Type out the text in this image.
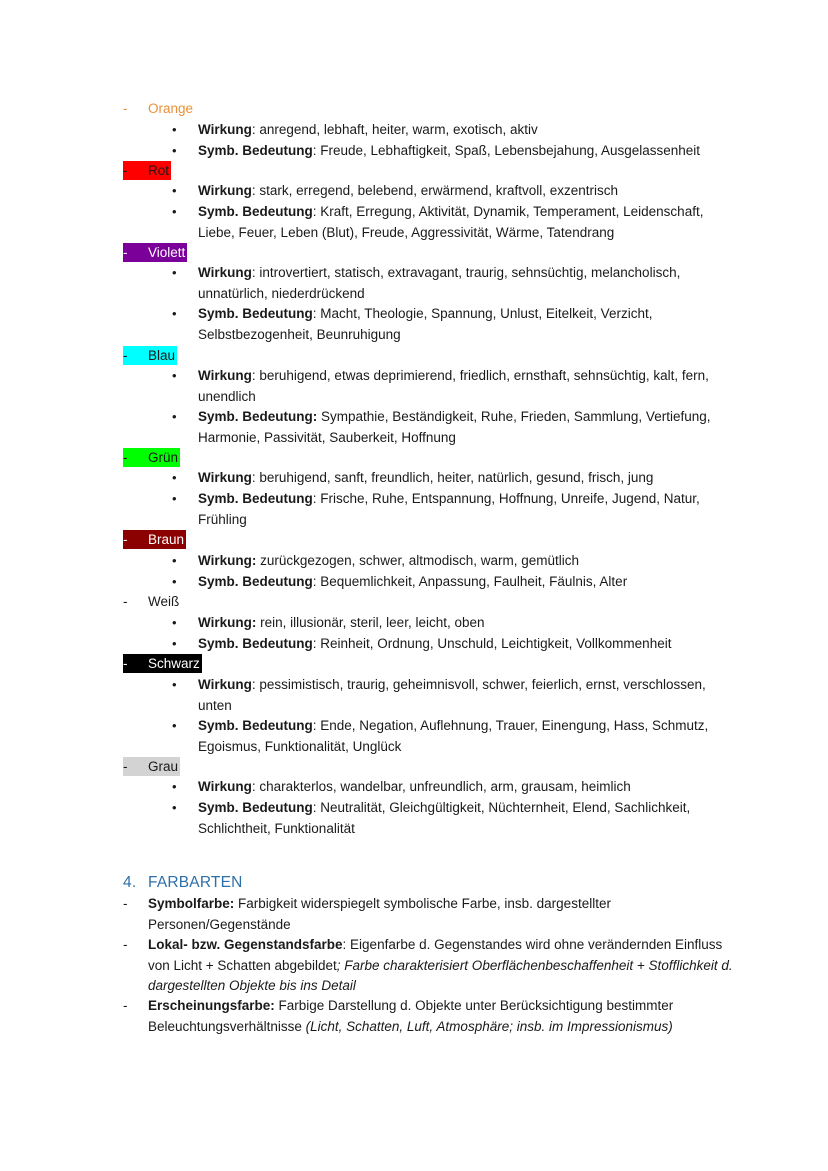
- Orange
• Wirkung: anregend, lebhaft, heiter, warm, exotisch, aktiv
• Symb. Bedeutung: Freude, Lebhaftigkeit, Spaß, Lebensbejahung, Ausgelassenheit
- Rot
• Wirkung: stark, erregend, belebend, erwärmend, kraftvoll, exzentrisch
• Symb. Bedeutung: Kraft, Erregung, Aktivität, Dynamik, Temperament, Leidenschaft, Liebe, Feuer, Leben (Blut), Freude, Aggressivität, Wärme, Tatendrang
- Violett
• Wirkung: introvertiert, statisch, extravagant, traurig, sehnsüchtig, melancholisch, unnatürlich, niederdrückend
• Symb. Bedeutung: Macht, Theologie, Spannung, Unlust, Eitelkeit, Verzicht, Selbstbezogenheit, Beunruhigung
- Blau
• Wirkung: beruhigend, etwas deprimierend, friedlich, ernsthaft, sehnsüchtig, kalt, fern, unendlich
• Symb. Bedeutung: Sympathie, Beständigkeit, Ruhe, Frieden, Sammlung, Vertiefung, Harmonie, Passivität, Sauberkeit, Hoffnung
- Grün
• Wirkung: beruhigend, sanft, freundlich, heiter, natürlich, gesund, frisch, jung
• Symb. Bedeutung: Frische, Ruhe, Entspannung, Hoffnung, Unreife, Jugend, Natur, Frühling
- Braun
• Wirkung: zurückgezogen, schwer, altmodisch, warm, gemütlich
• Symb. Bedeutung: Bequemlichkeit, Anpassung, Faulheit, Fäulnis, Alter
- Weiß
• Wirkung: rein, illusionär, steril, leer, leicht, oben
• Symb. Bedeutung: Reinheit, Ordnung, Unschuld, Leichtigkeit, Vollkommenheit
- Schwarz
• Wirkung: pessimistisch, traurig, geheimnisvoll, schwer, feierlich, ernst, verschlossen, unten
• Symb. Bedeutung: Ende, Negation, Auflehnung, Trauer, Einengung, Hass, Schmutz, Egoismus, Funktionalität, Unglück
- Grau
• Wirkung: charakterlos, wandelbar, unfreundlich, arm, grausam, heimlich
• Symb. Bedeutung: Neutralität, Gleichgültigkeit, Nüchternheit, Elend, Sachlichkeit, Schlichtheit, Funktionalität
4. FARBARTEN
- Symbolfarbe: Farbigkeit widerspiegelt symbolische Farbe, insb. dargestellter Personen/Gegenstände
- Lokal- bzw. Gegenstandsfarbe: Eigenfarbe d. Gegenstandes wird ohne verändernden Einfluss von Licht + Schatten abgebildet; Farbe charakterisiert Oberflächenbeschaffenheit + Stofflichkeit d. dargestellten Objekte bis ins Detail
- Erscheinungsfarbe: Farbige Darstellung d. Objekte unter Berücksichtigung bestimmter Beleuchtungsverhältnisse (Licht, Schatten, Luft, Atmosphäre; insb. im Impressionismus)
